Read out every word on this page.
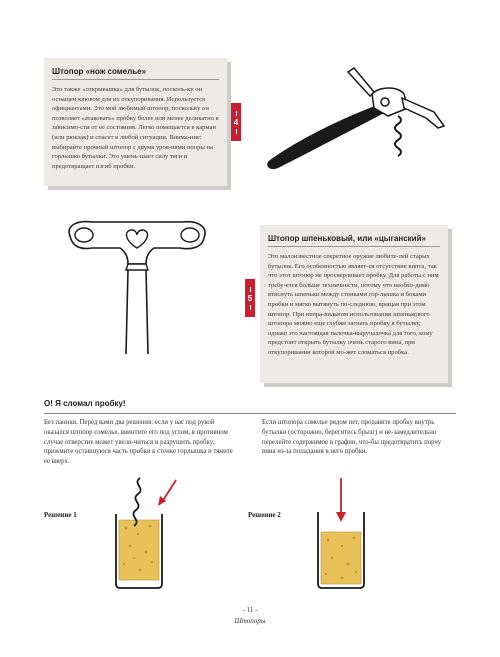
Штопор «нож сомелье»
Это также «открывашка» для бутылок, посколь-ку он оснащен клювом для их откупоривания. Используется официантами. Это мой любимый штопор, поскольку он позволяет «атаковать» пробку более или менее деликатно в зависимо-сти от ее состояния. Легко помещается в карман (или рюкзак) и спасет в любой ситуации. Внима-ние: выбирайте прочный штопор с двумя уров-нями опоры на горлышко бутылки. Это умень-шает силу тяги и предотвращает изгиб пробки.
4
5
Штопор шпенькoвый, или «цыганский»
Это малоизвестное секретное оружие любите-лей старых бутылок. Его особенностью являет-ся отсутствие винта, так что этот штопор не просверливает пробку. Для работы с ним требу-ется больше техничности, потому что необхо-димо втиснуть шпеньки между стенками гор-лышка и боками пробки и мягко вытянуть по-следнюю, вращая при этом штопор. При непра-вильном использовании шпенькового штопора можно еще глубже загнать пробку в бутылку, однако это настоящая палочка-выручалочка для того, кому предстоит открыть бутылку очень старого вина, при откупоривании которой мо-жет сломаться пробка.
О! Я сломал пробку!
Без паники. Перед вами два решения: если у вас под рукой оказался штопор сомелье, ввинтите его под углом, в противном случае отверстие может увели-читься и разрушить пробку; прижмите оставшуюся часть пробки к стенке горлышка и тяните ее вверх.
Если штопора сомелье рядом нет, продавите пробку внутрь бутылки (осторожно, берегитесь брызг) и не-замедлительно перелейте содержимое в графин, что-бы предотвратить порчу вина из-за попадания в него пробки.
Решение 1	Решение 2
- 11 -
Штопоры
